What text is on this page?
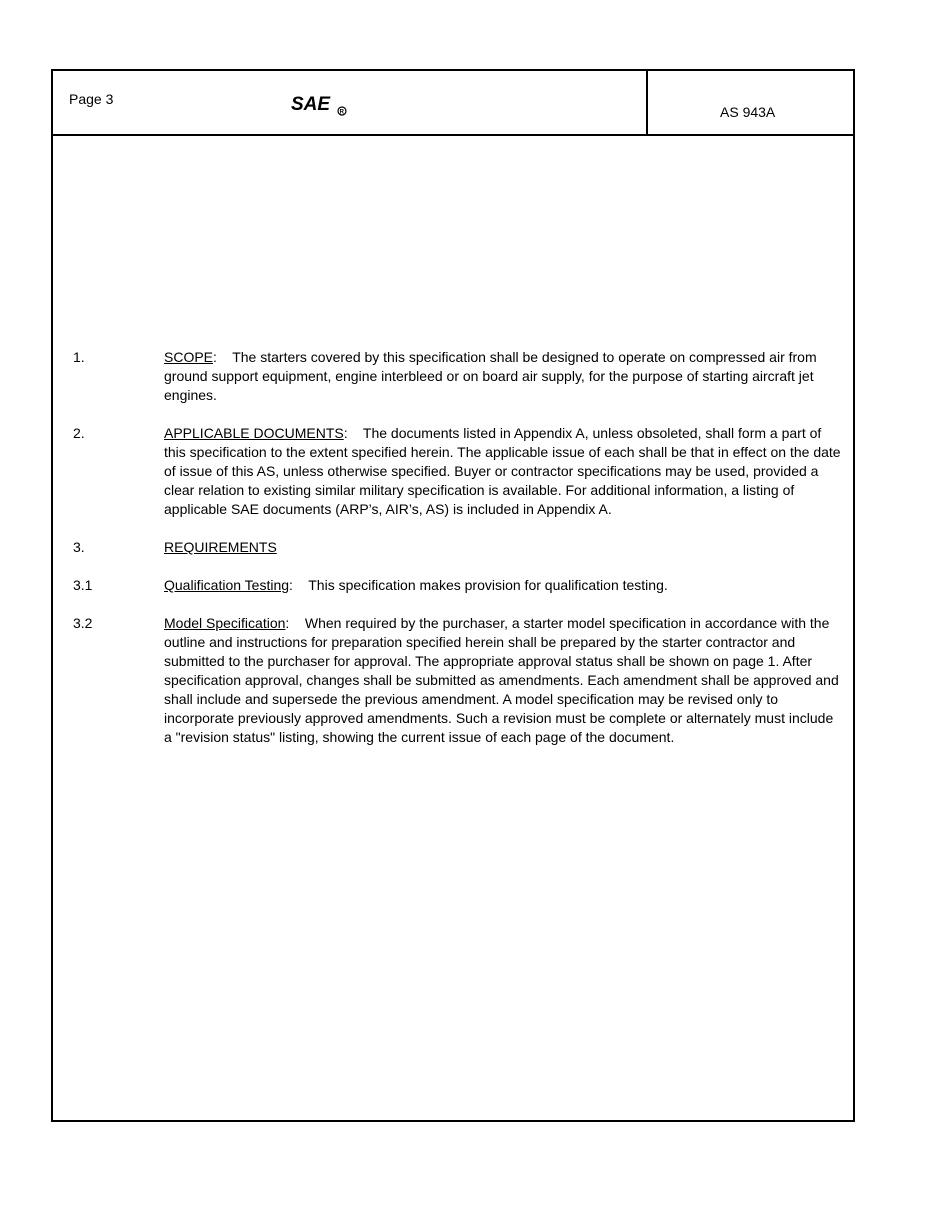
Page 3	SAE R	AS 943A
1.	SCOPE:    The starters covered by this specification shall be designed to operate on compressed air from ground support equipment, engine interbleed or on board air supply, for the purpose of starting aircraft jet engines.
2.	APPLICABLE DOCUMENTS:    The documents listed in Appendix A, unless obsoleted, shall form a part of this specification to the extent specified herein. The applicable issue of each shall be that in effect on the date of issue of this AS, unless otherwise specified. Buyer or contractor specifications may be used, provided a clear relation to existing similar military specification is available. For additional information, a listing of applicable SAE documents (ARP’s, AIR’s, AS) is included in Appendix A.
3.	REQUIREMENTS
3.1	Qualification Testing:    This specification makes provision for qualification testing.
3.2	Model Specification:    When required by the purchaser, a starter model specification in accordance with the outline and instructions for preparation specified herein shall be prepared by the starter contractor and submitted to the purchaser for approval. The appropriate approval status shall be shown on page 1. After specification approval, changes shall be submitted as amendments. Each amendment shall be approved and shall include and supersede the previous amendment. A model specification may be revised only to incorporate previously approved amendments. Such a revision must be complete or alternately must include a "revision status" listing, showing the current issue of each page of the document.
